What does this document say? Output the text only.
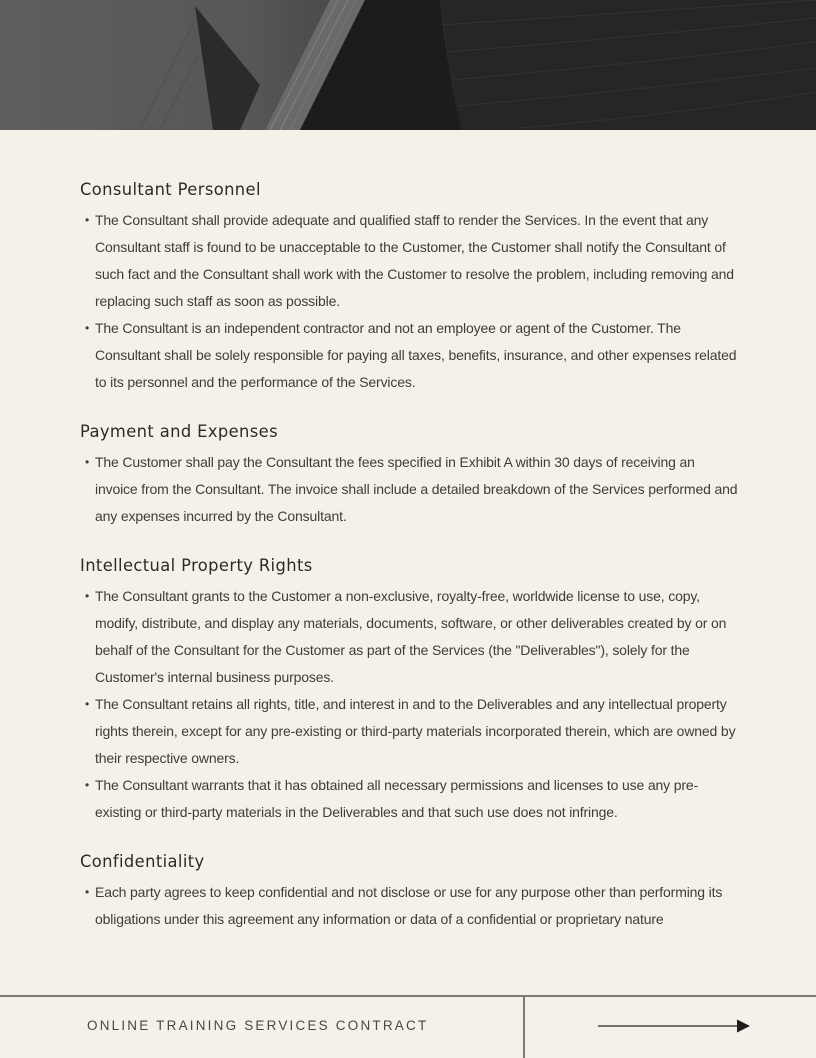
Consultant Personnel
• The Consultant shall provide adequate and qualified staff to render the Services. In the event that any Consultant staff is found to be unacceptable to the Customer, the Customer shall notify the Consultant of such fact and the Consultant shall work with the Customer to resolve the problem, including removing and replacing such staff as soon as possible.
• The Consultant is an independent contractor and not an employee or agent of the Customer. The Consultant shall be solely responsible for paying all taxes, benefits, insurance, and other expenses related to its personnel and the performance of the Services.
Payment and Expenses
• The Customer shall pay the Consultant the fees specified in Exhibit A within 30 days of receiving an invoice from the Consultant. The invoice shall include a detailed breakdown of the Services performed and any expenses incurred by the Consultant.
Intellectual Property Rights
• The Consultant grants to the Customer a non-exclusive, royalty-free, worldwide license to use, copy, modify, distribute, and display any materials, documents, software, or other deliverables created by or on behalf of the Consultant for the Customer as part of the Services (the "Deliverables"), solely for the Customer's internal business purposes.
• The Consultant retains all rights, title, and interest in and to the Deliverables and any intellectual property rights therein, except for any pre-existing or third-party materials incorporated therein, which are owned by their respective owners.
• The Consultant warrants that it has obtained all necessary permissions and licenses to use any pre-existing or third-party materials in the Deliverables and that such use does not infringe.
Confidentiality
• Each party agrees to keep confidential and not disclose or use for any purpose other than performing its obligations under this agreement any information or data of a confidential or proprietary nature
ONLINE TRAINING SERVICES CONTRACT
